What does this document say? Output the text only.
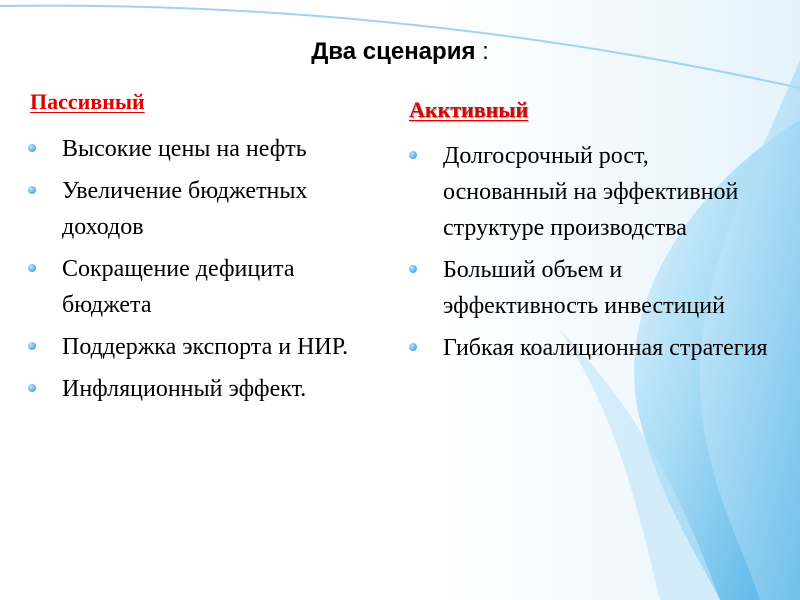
Два сценария :
Пассивный
Высокие цены на нефть
Увеличение бюджетных доходов
Сокращение дефицита бюджета
Поддержка экспорта и НИР.
Инфляционный эффект.
Акктивный
Долгосрочный рост, основанный на эффективной структуре производства
Больший объем и эффективность инвестиций
Гибкая коалиционная стратегия
